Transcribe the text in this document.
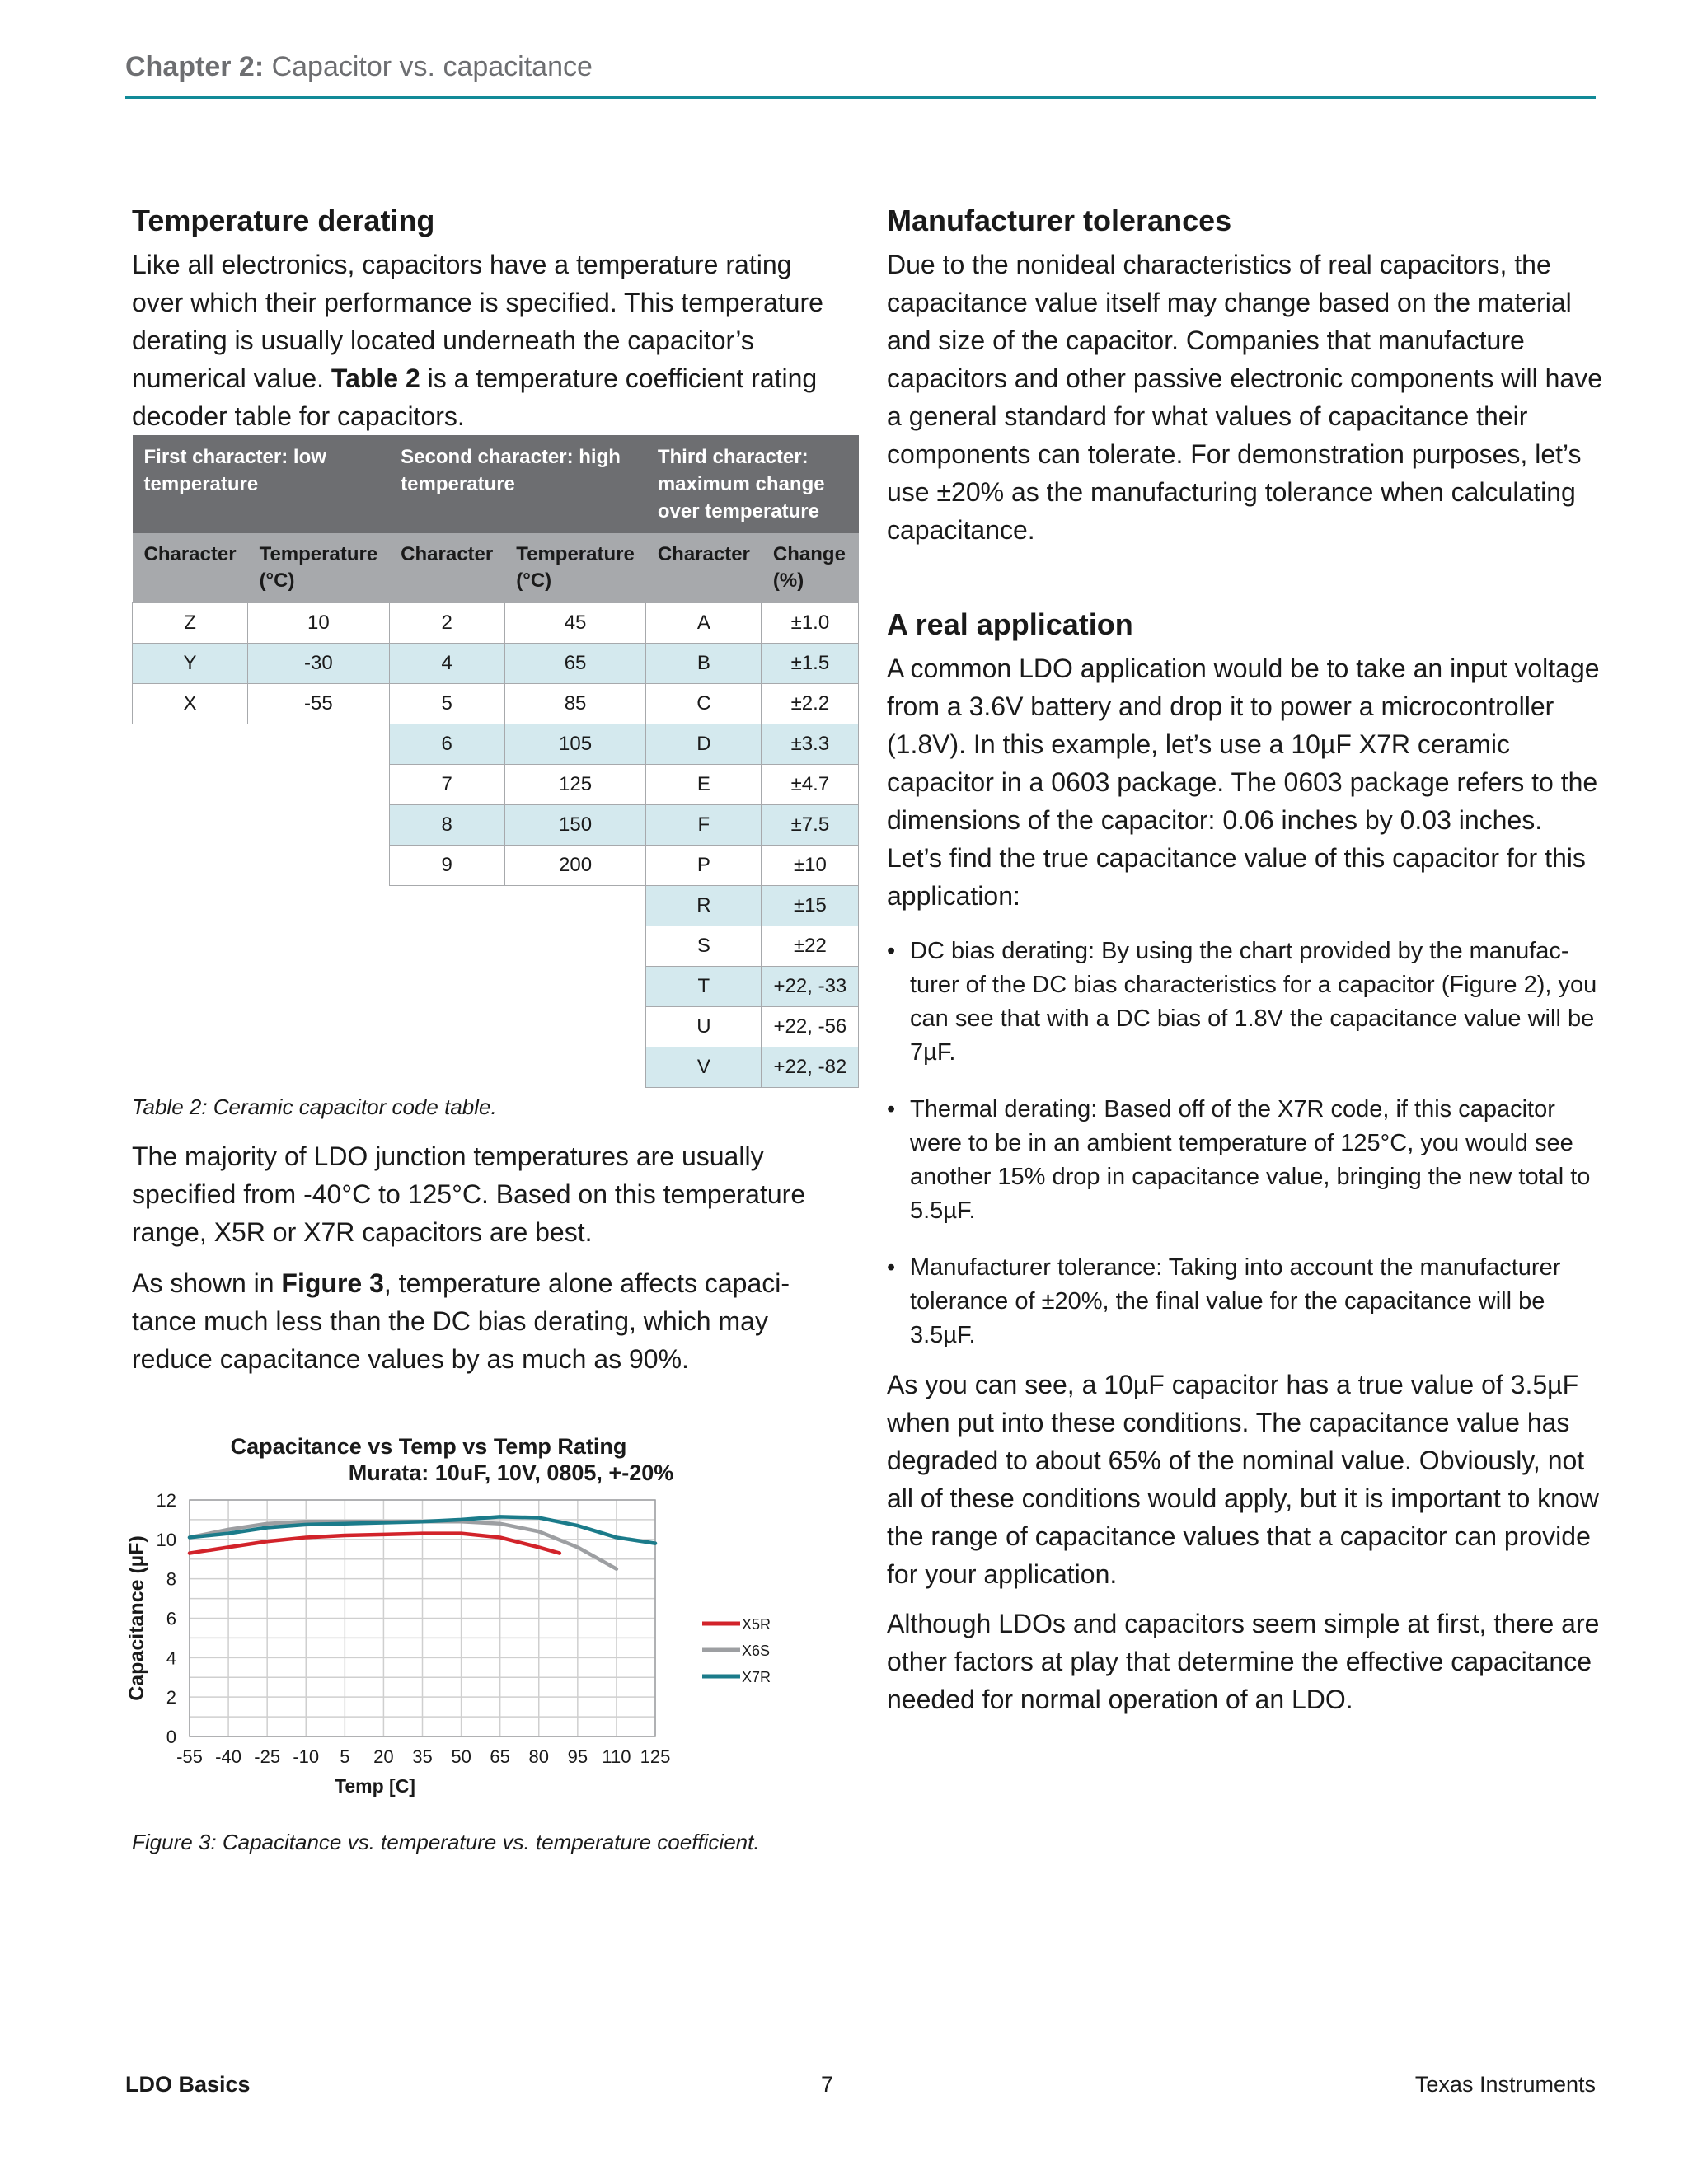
Chapter 2: Capacitor vs. capacitance
Temperature derating

Like all electronics, capacitors have a temperature rating over which their performance is specified. This temperature derating is usually located underneath the capacitor’s numerical value. Table 2 is a temperature coefficient rating decoder table for capacitors.

First character: low temperature		Second character: high temperature		Third character: maximum change over temperature	
Character	Temperature (°C)	Character	Temperature (°C)	Character	Change (%)
Z	10	2	45	A	±1.0
Y	-30	4	65	B	±1.5
X	-55	5	85	C	±2.2
		6	105	D	±3.3
		7	125	E	±4.7
		8	150	F	±7.5
		9	200	P	±10
				R	±15
				S	±22
				T	+22, -33
				U	+22, -56
				V	+22, -82
Table 2: Ceramic capacitor code table.

The majority of LDO junction temperatures are usually specified from -40°C to 125°C. Based on this temperature range, X5R or X7R capacitors are best.

As shown in Figure 3, temperature alone affects capaci-tance much less than the DC bias derating, which may reduce capacitance values by as much as 90%.

Capacitance vs Temp vs Temp Rating
Murata: 10uF, 10V, 0805, +-20%
-55 -40 -25 -10 5 20 35 50 65 80 95 110 125
0
2
4
6
8
10
12
Temp [C]
Capacitance (µF)	X5R
X6S
X7R
Figure 3: Capacitance vs. temperature vs. temperature coefficient.
Manufacturer tolerances

Due to the nonideal characteristics of real capacitors, the capacitance value itself may change based on the material and size of the capacitor. Companies that manufacture capacitors and other passive electronic components will have a general standard for what values of capacitance their components can tolerate. For demonstration purposes, let’s use ±20% as the manufacturing tolerance when calculating capacitance.

A real application

A common LDO application would be to take an input voltage from a 3.6V battery and drop it to power a microcontroller (1.8V). In this example, let’s use a 10µF X7R ceramic capacitor in a 0603 package. The 0603 package refers to the dimensions of the capacitor: 0.06 inches by 0.03 inches.

Let’s find the true capacitance value of this capacitor for this application:

• DC bias derating: By using the chart provided by the manufac-turer of the DC bias characteristics for a capacitor (Figure 2), you can see that with a DC bias of 1.8V the capacitance value will be 7µF.
• Thermal derating: Based off of the X7R code, if this capacitor were to be in an ambient temperature of 125°C, you would see another 15% drop in capacitance value, bringing the new total to 5.5µF.
• Manufacturer tolerance: Taking into account the manufacturer tolerance of ±20%, the final value for the capacitance will be 3.5µF.

As you can see, a 10µF capacitor has a true value of 3.5µF when put into these conditions. The capacitance value has degraded to about 65% of the nominal value. Obviously, not all of these conditions would apply, but it is important to know the range of capacitance values that a capacitor can provide for your application.

Although LDOs and capacitors seem simple at first, there are other factors at play that determine the effective capacitance needed for normal operation of an LDO.

LDO Basics	7	Texas Instruments
